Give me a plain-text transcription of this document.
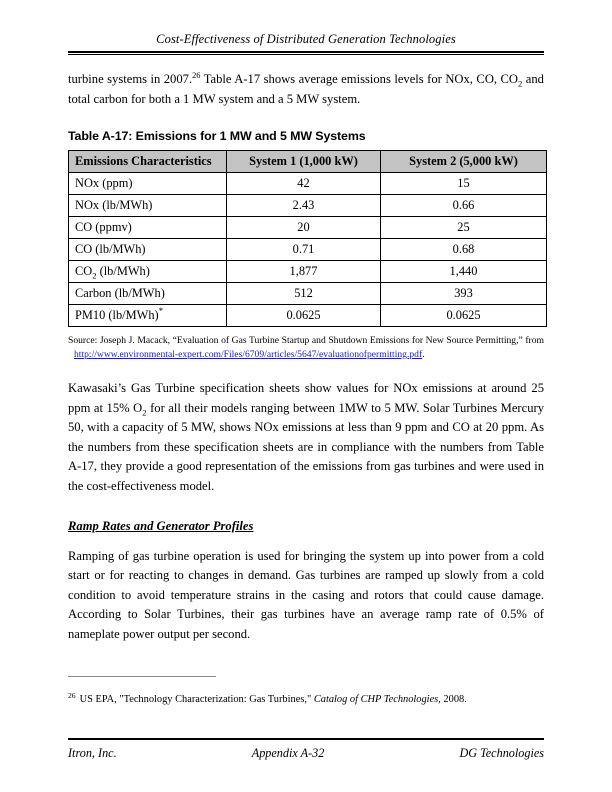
Cost-Effectiveness of Distributed Generation Technologies

turbine systems in 2007.26 Table A-17 shows average emissions levels for NOx, CO, $CO_2$ and total carbon for both a 1 MW system and a 5 MW system.

Table A-17: Emissions for 1 MW and 5 MW Systems
Emissions Characteristics	System 1 (1,000 kW)	System 2 (5,000 kW)
NOx (ppm)	42	15
NOx (lb/MWh)	2.43	0.66
CO (ppmv)	20	25
CO (lb/MWh)	0.71	0.68
$CO_2$ (lb/MWh)	1,877	1,440
Carbon (lb/MWh)	512	393
PM10 (lb/MWh)*	0.0625	0.0625

Source: Joseph J. Macack, “Evaluation of Gas Turbine Startup and Shutdown Emissions for New Source Permitting,” from http://www.environmental-expert.com/Files/6709/articles/5647/evaluationofpermitting.pdf.

Kawasaki’s Gas Turbine specification sheets show values for NOx emissions at around 25 ppm at 15% $O_2$ for all their models ranging between 1MW to 5 MW. Solar Turbines Mercury 50, with a capacity of 5 MW, shows NOx emissions at less than 9 ppm and CO at 20 ppm. As the numbers from these specification sheets are in compliance with the numbers from Table A-17, they provide a good representation of the emissions from gas turbines and were used in the cost-effectiveness model.

Ramp Rates and Generator Profiles

Ramping of gas turbine operation is used for bringing the system up into power from a cold start or for reacting to changes in demand. Gas turbines are ramped up slowly from a cold condition to avoid temperature strains in the casing and rotors that could cause damage. According to Solar Turbines, their gas turbines have an average ramp rate of 0.5% of nameplate power output per second.

$^{26}$ US EPA, "Technology Characterization: Gas Turbines," Catalog of CHP Technologies, 2008.
Itron, Inc.	Appendix A-32	DG Technologies
